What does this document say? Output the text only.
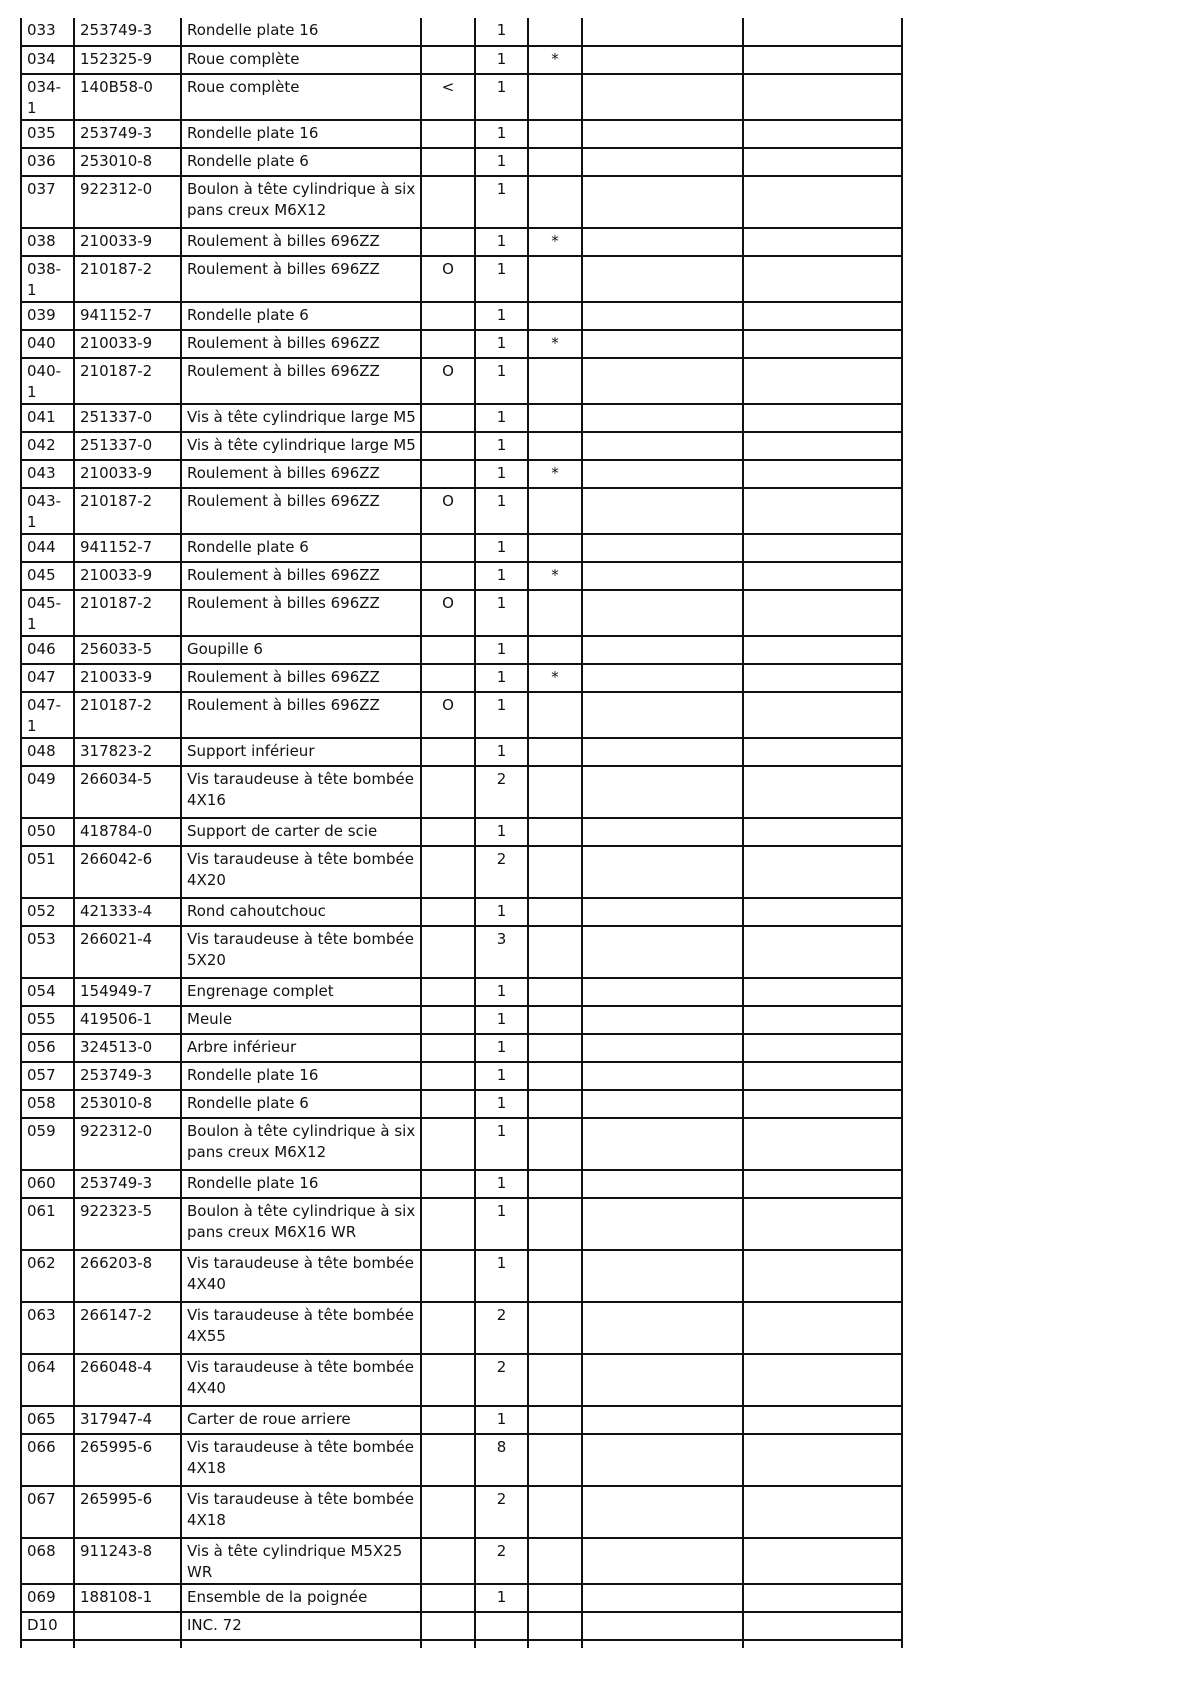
033	253749-3	Rondelle plate 16		1			

034	152325-9	Roue complète		1	*		

034-1	140B58-0	Roue complète	<	1			

035	253749-3	Rondelle plate 16		1			

036	253010-8	Rondelle plate 6		1			

037	922312-0	Boulon à tête cylindrique à six pans creux M6X12		1			

038	210033-9	Roulement à billes 696ZZ		1	*		

038-1	210187-2	Roulement à billes 696ZZ	O	1			

039	941152-7	Rondelle plate 6		1			

040	210033-9	Roulement à billes 696ZZ		1	*		

040-1	210187-2	Roulement à billes 696ZZ	O	1			

041	251337-0	Vis à tête cylindrique large M5		1			

042	251337-0	Vis à tête cylindrique large M5		1			

043	210033-9	Roulement à billes 696ZZ		1	*		

043-1	210187-2	Roulement à billes 696ZZ	O	1			

044	941152-7	Rondelle plate 6		1			

045	210033-9	Roulement à billes 696ZZ		1	*		

045-1	210187-2	Roulement à billes 696ZZ	O	1			

046	256033-5	Goupille 6		1			

047	210033-9	Roulement à billes 696ZZ		1	*		

047-1	210187-2	Roulement à billes 696ZZ	O	1			

048	317823-2	Support inférieur		1			

049	266034-5	Vis taraudeuse à tête bombée 4X16		2			

050	418784-0	Support de carter de scie		1			

051	266042-6	Vis taraudeuse à tête bombée 4X20		2			

052	421333-4	Rond cahoutchouc		1			

053	266021-4	Vis taraudeuse à tête bombée 5X20		3			

054	154949-7	Engrenage complet		1			

055	419506-1	Meule		1			

056	324513-0	Arbre inférieur		1			

057	253749-3	Rondelle plate 16		1			

058	253010-8	Rondelle plate 6		1			

059	922312-0	Boulon à tête cylindrique à six pans creux M6X12		1			

060	253749-3	Rondelle plate 16		1			

061	922323-5	Boulon à tête cylindrique à six pans creux M6X16 WR		1			

062	266203-8	Vis taraudeuse à tête bombée 4X40		1			

063	266147-2	Vis taraudeuse à tête bombée 4X55		2			

064	266048-4	Vis taraudeuse à tête bombée 4X40		2			

065	317947-4	Carter de roue arriere		1			

066	265995-6	Vis taraudeuse à tête bombée 4X18		8			

067	265995-6	Vis taraudeuse à tête bombée 4X18		2			

068	911243-8	Vis à tête cylindrique M5X25 WR		2			

069	188108-1	Ensemble de la poignée		1			

D10		INC. 72					
